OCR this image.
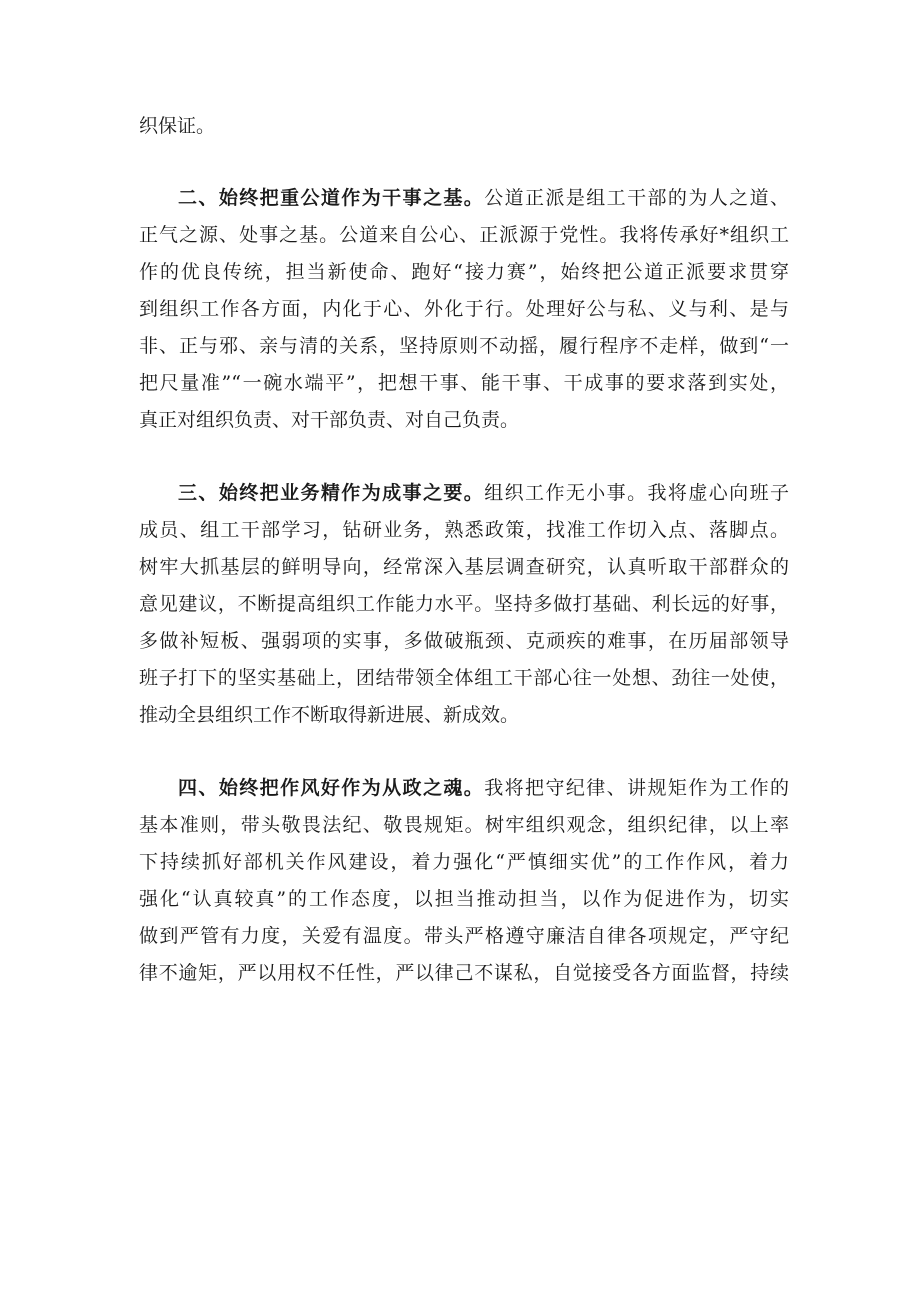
织保证。
二、始终把重公道作为干事之基。公道正派是组工干部的为人之道、
正气之源、处事之基。公道来自公心、正派源于党性。我将传承好*组织工
作的优良传统，担当新使命、跑好“接力赛”，始终把公道正派要求贯穿
到组织工作各方面，内化于心、外化于行。处理好公与私、义与利、是与
非、正与邪、亲与清的关系，坚持原则不动摇，履行程序不走样，做到“一
把尺量准”“一碗水端平”，把想干事、能干事、干成事的要求落到实处，
真正对组织负责、对干部负责、对自己负责。
三、始终把业务精作为成事之要。组织工作无小事。我将虚心向班子
成员、组工干部学习，钻研业务，熟悉政策，找准工作切入点、落脚点。
树牢大抓基层的鲜明导向，经常深入基层调查研究，认真听取干部群众的
意见建议，不断提高组织工作能力水平。坚持多做打基础、利长远的好事，
多做补短板、强弱项的实事，多做破瓶颈、克顽疾的难事，在历届部领导
班子打下的坚实基础上，团结带领全体组工干部心往一处想、劲往一处使，
推动全县组织工作不断取得新进展、新成效。
四、始终把作风好作为从政之魂。我将把守纪律、讲规矩作为工作的
基本准则，带头敬畏法纪、敬畏规矩。树牢组织观念，组织纪律，以上率
下持续抓好部机关作风建设，着力强化“严慎细实优”的工作作风，着力
强化“认真较真”的工作态度，以担当推动担当，以作为促进作为，切实
做到严管有力度，关爱有温度。带头严格遵守廉洁自律各项规定，严守纪
律不逾矩，严以用权不任性，严以律己不谋私，自觉接受各方面监督，持续
